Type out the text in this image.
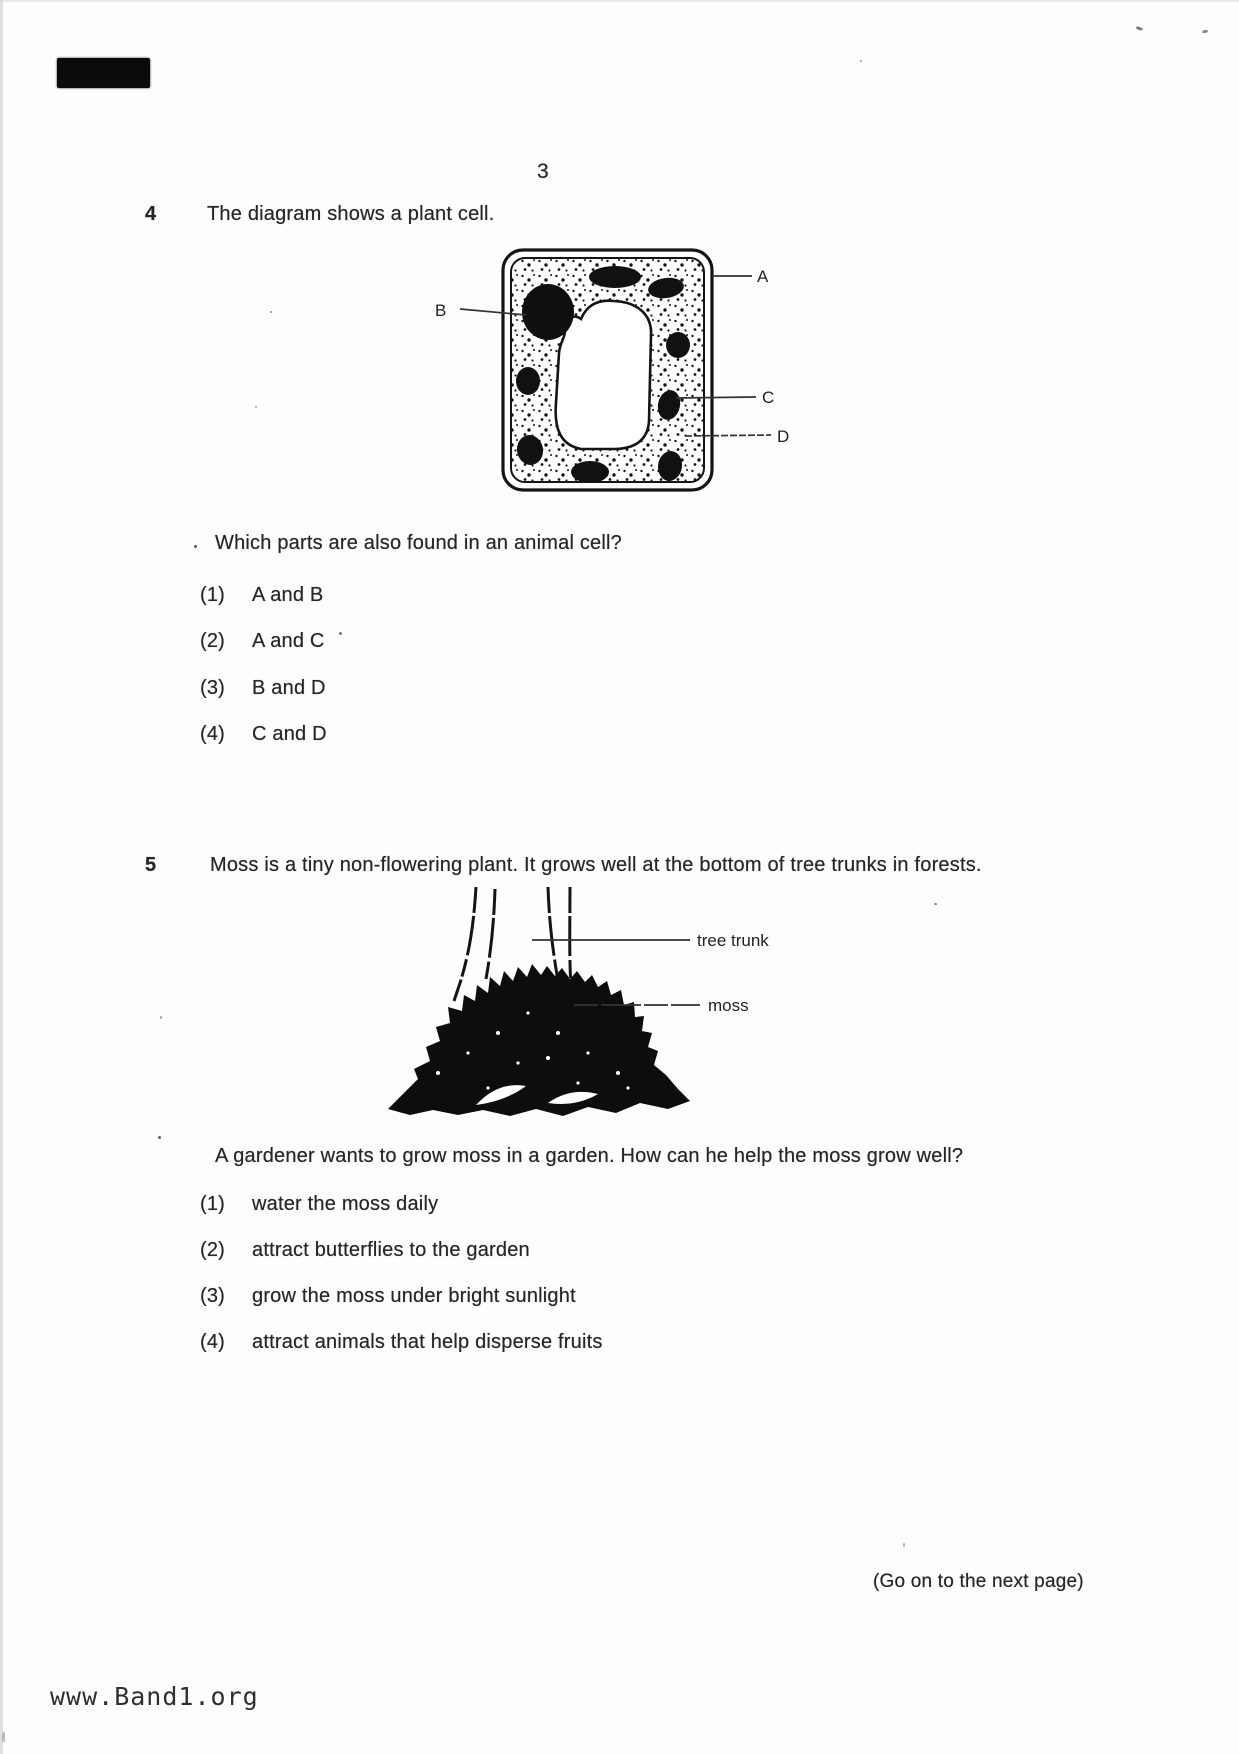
3
4	The diagram shows a plant cell.
A
B
C
D
Which parts are also found in an animal cell?
(1)	A and B
(2)	A and C
(3)	B and D
(4)	C and D
5	Moss is a tiny non-flowering plant. It grows well at the bottom of tree trunks in forests.
tree trunk
moss
A gardener wants to grow moss in a garden. How can he help the moss grow well?
(1)	water the moss daily
(2)	attract butterflies to the garden
(3)	grow the moss under bright sunlight
(4)	attract animals that help disperse fruits
(Go on to the next page)
www.Band1.org
